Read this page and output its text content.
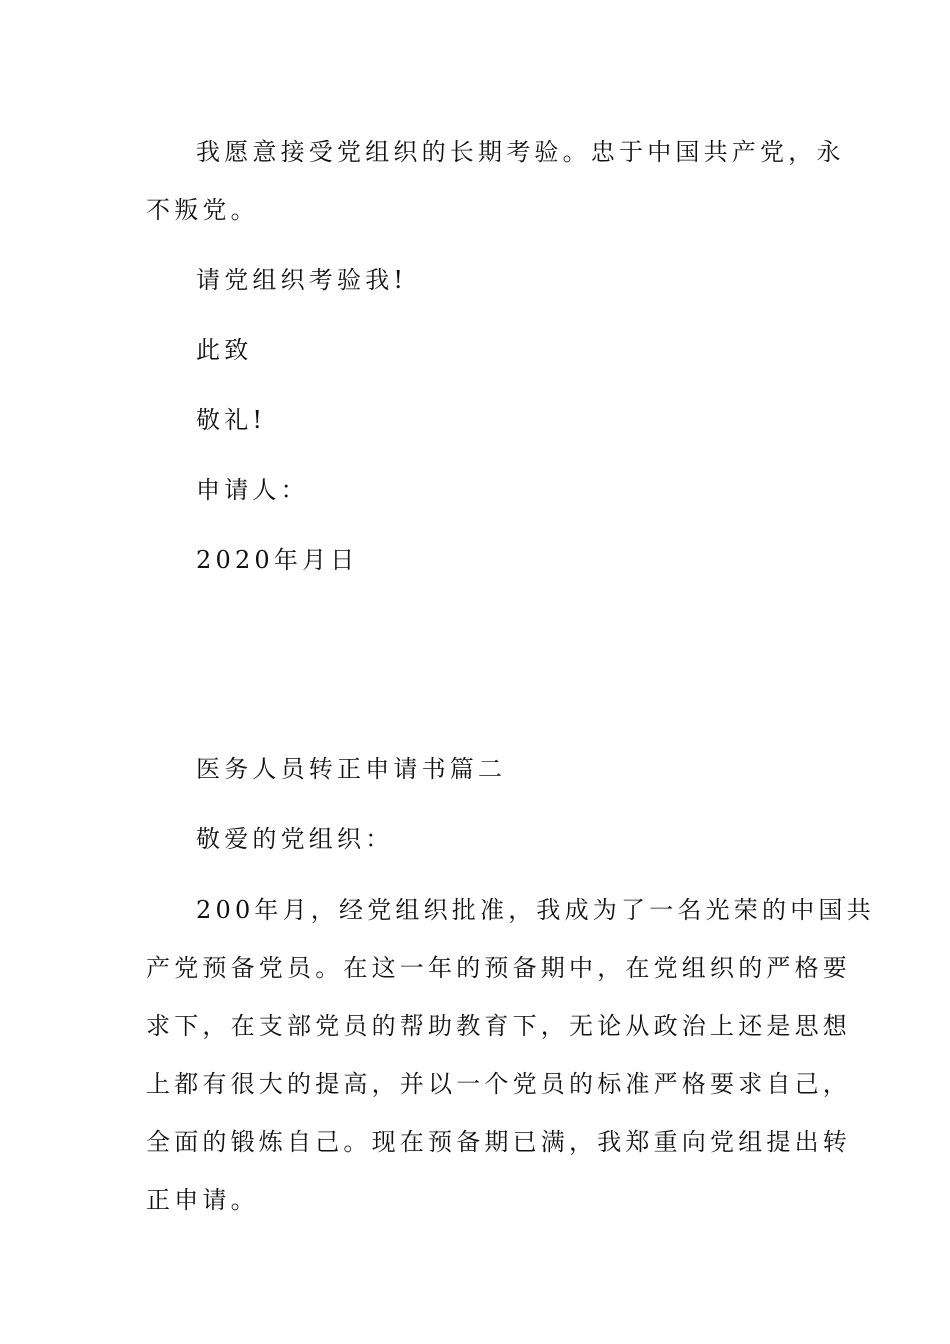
我愿意接受党组织的长期考验。忠于中国共产党，永
不叛党。
请党组织考验我!
此致
敬礼!
申请人：
2020年月日
医务人员转正申请书篇二
敬爱的党组织：
200年月，经党组织批准，我成为了一名光荣的中国共
产党预备党员。在这一年的预备期中，在党组织的严格要
求下，在支部党员的帮助教育下，无论从政治上还是思想
上都有很大的提高，并以一个党员的标准严格要求自己，
全面的锻炼自己。现在预备期已满，我郑重向党组提出转
正申请。
